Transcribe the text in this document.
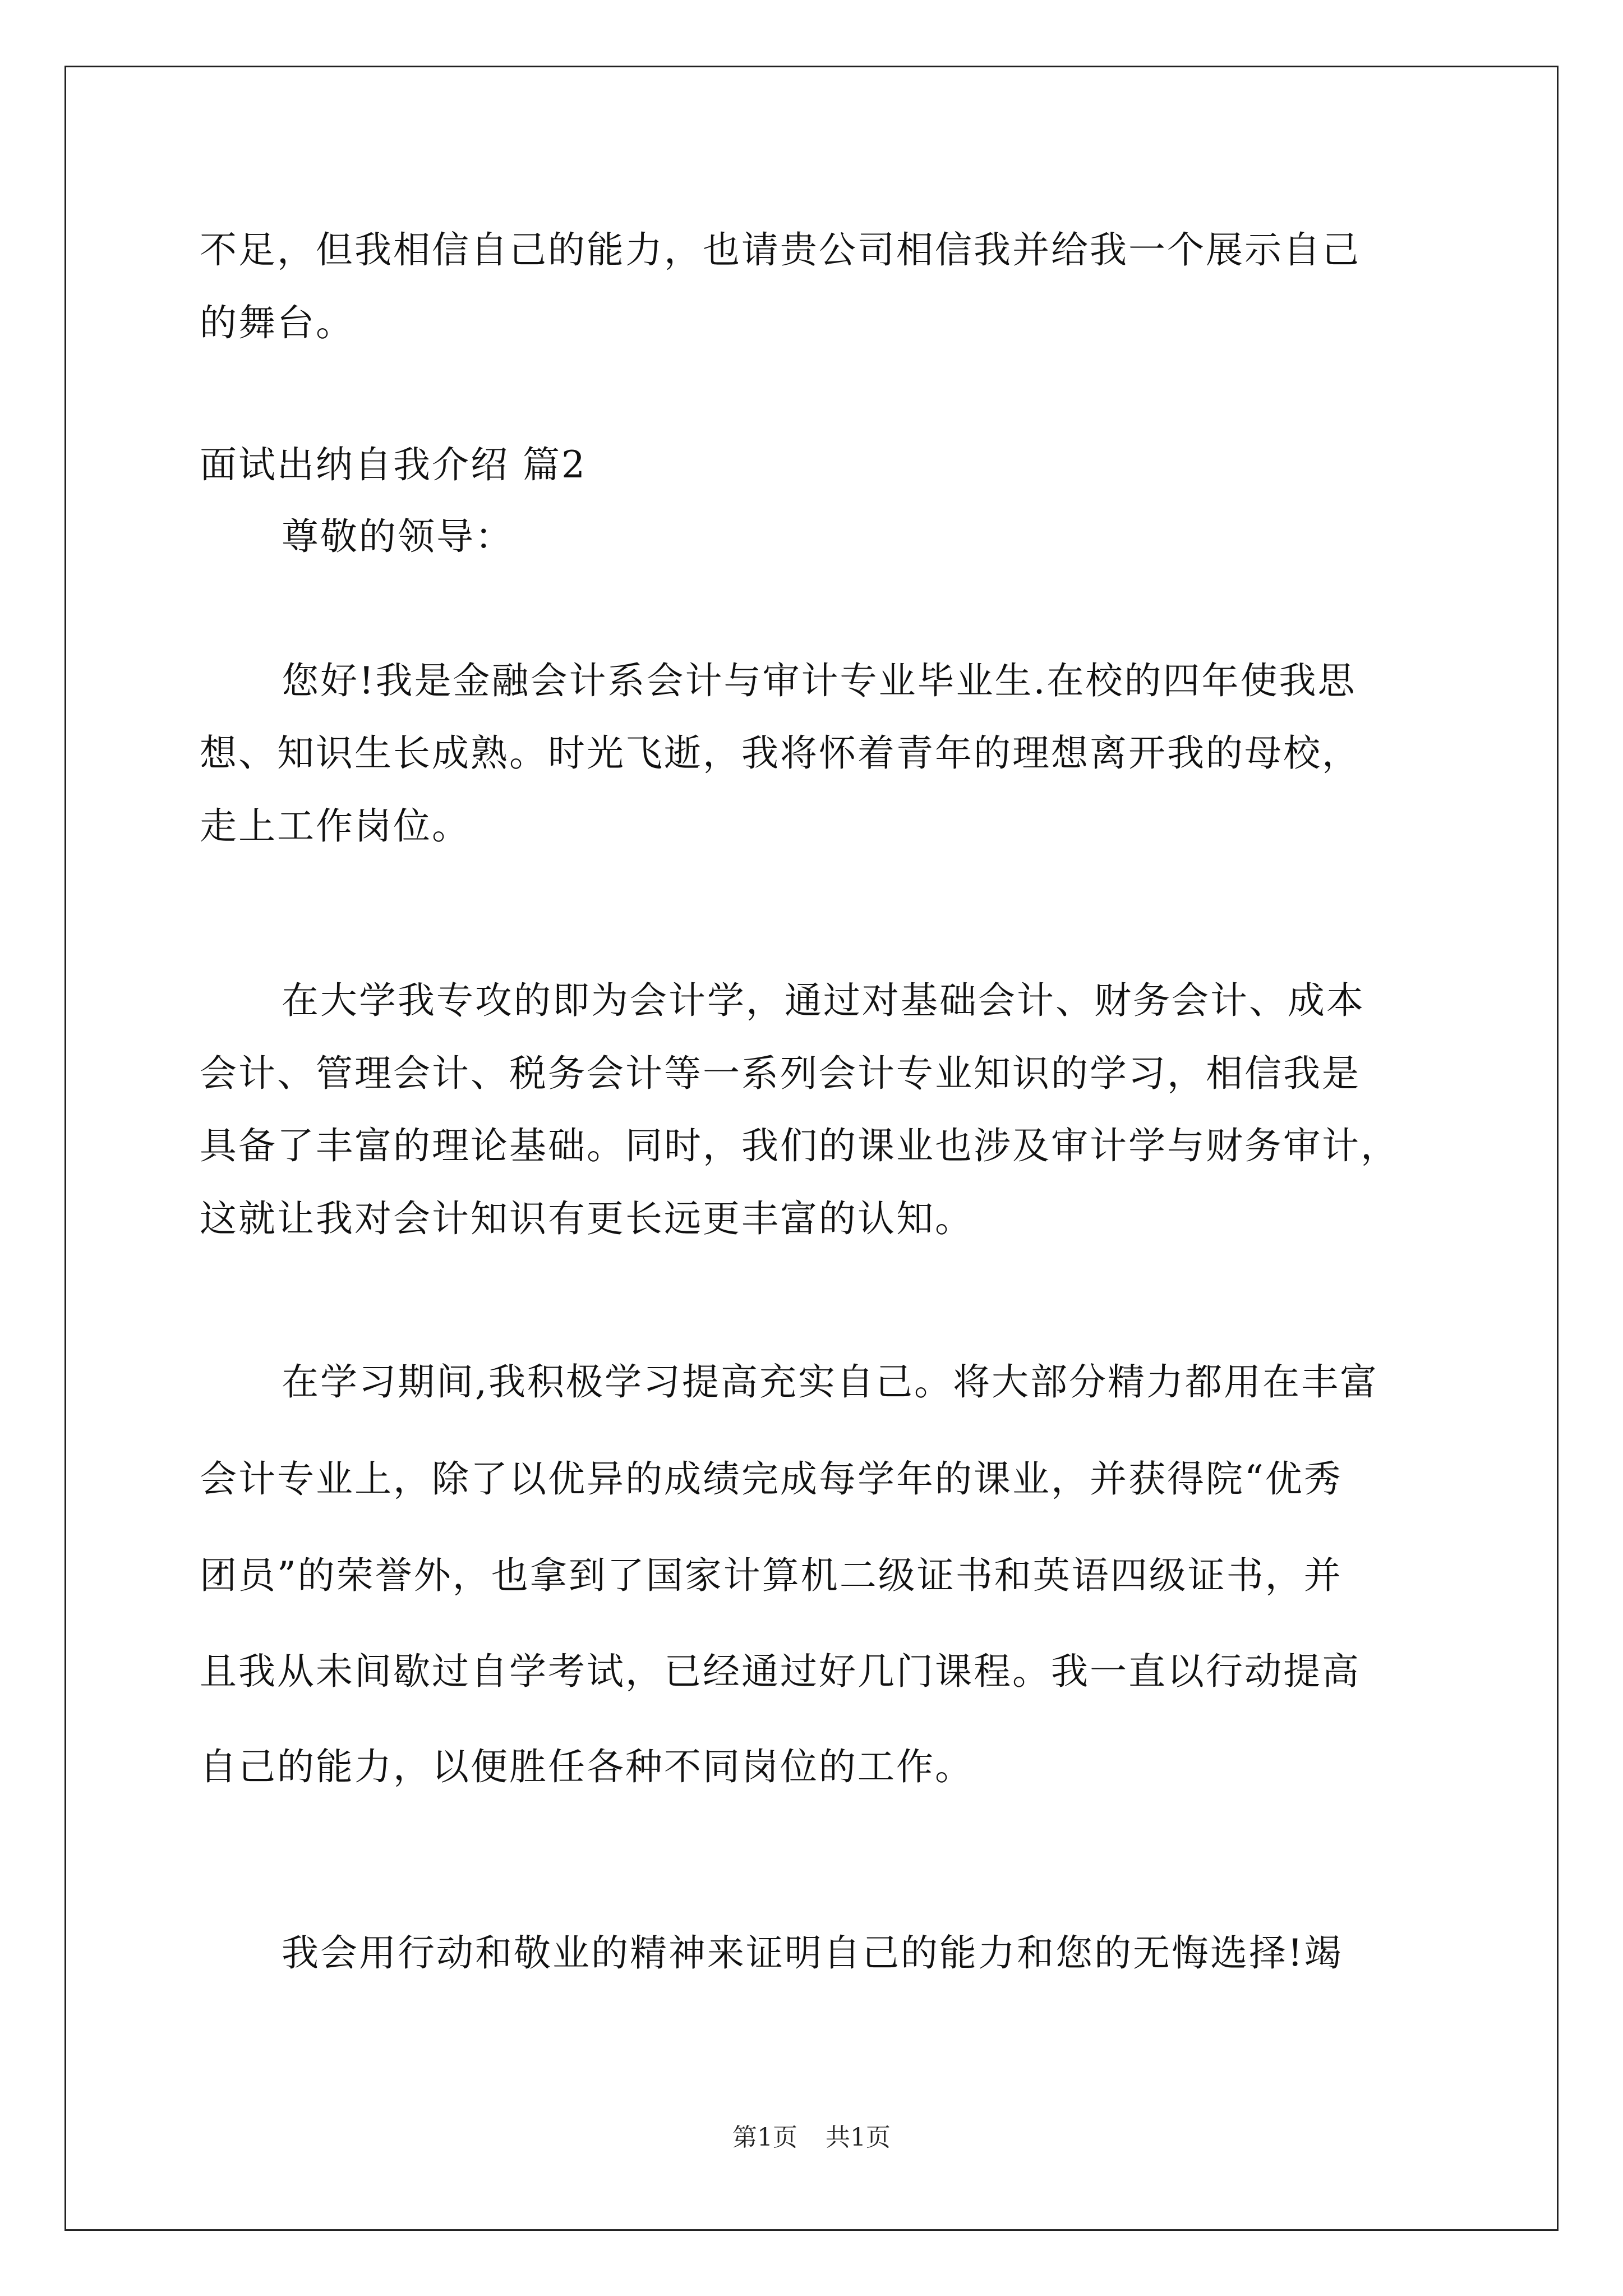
不足，但我相信自己的能力，也请贵公司相信我并给我一个展示自己
的舞台。
面试出纳自我介绍 篇2
尊敬的领导：
您好!我是金融会计系会计与审计专业毕业生.在校的四年使我思
想、知识生长成熟。时光飞逝，我将怀着青年的理想离开我的母校，
走上工作岗位。
在大学我专攻的即为会计学，通过对基础会计、财务会计、成本
会计、管理会计、税务会计等一系列会计专业知识的学习，相信我是
具备了丰富的理论基础。同时，我们的课业也涉及审计学与财务审计，
这就让我对会计知识有更长远更丰富的认知。
在学习期间,我积极学习提高充实自己。将大部分精力都用在丰富
会计专业上，除了以优异的成绩完成每学年的课业，并获得院“优秀
团员”的荣誉外，也拿到了国家计算机二级证书和英语四级证书，并
且我从未间歇过自学考试，已经通过好几门课程。我一直以行动提高
自己的能力，以便胜任各种不同岗位的工作。
我会用行动和敬业的精神来证明自己的能力和您的无悔选择!竭
第1页 共1页
